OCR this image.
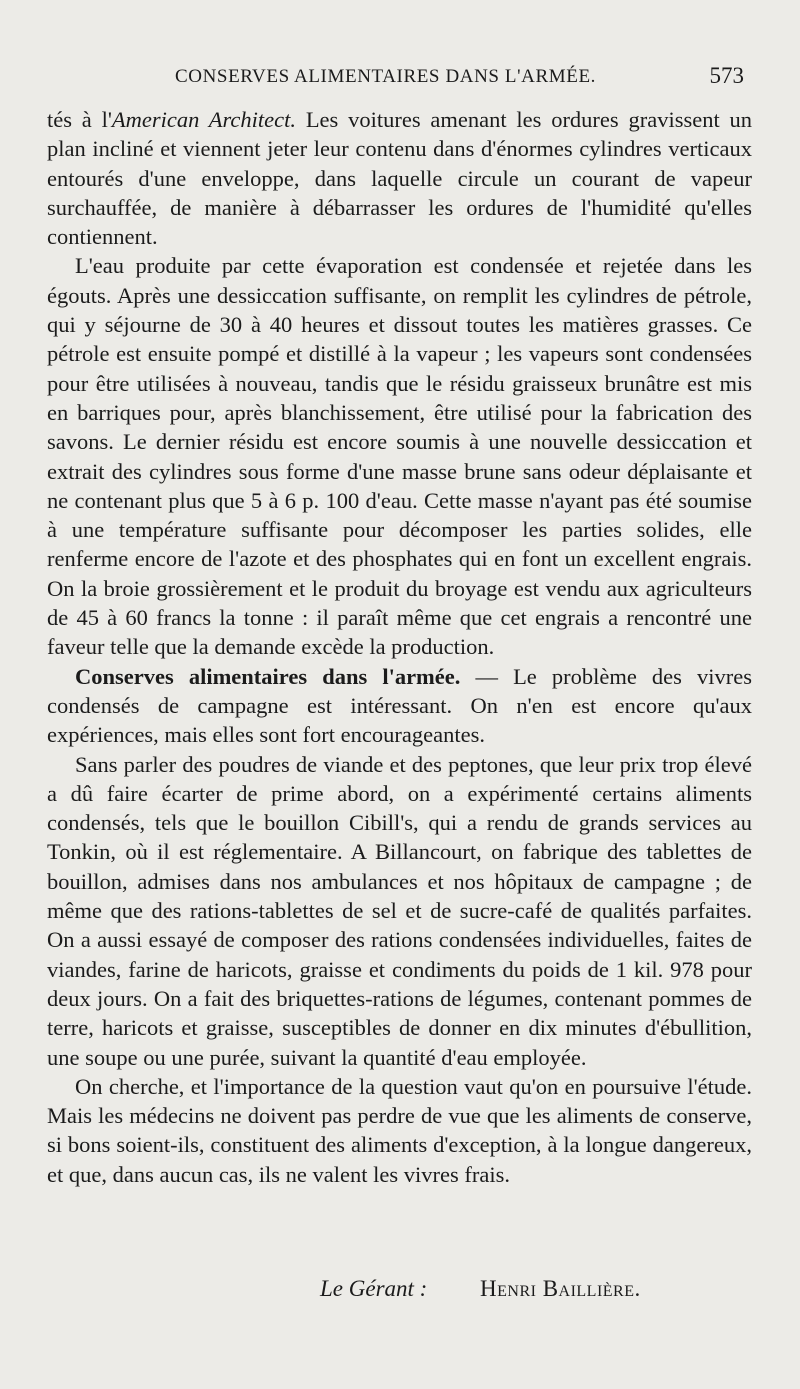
CONSERVES ALIMENTAIRES DANS L'ARMÉE.	573

tés à l'American Architect. Les voitures amenant les ordures gravissent un plan incliné et viennent jeter leur contenu dans d'énormes cylindres verticaux entourés d'une enveloppe, dans laquelle circule un courant de vapeur surchauffée, de manière à débarrasser les ordures de l'humidité qu'elles contiennent.

L'eau produite par cette évaporation est condensée et rejetée dans les égouts. Après une dessiccation suffisante, on remplit les cylindres de pétrole, qui y séjourne de 30 à 40 heures et dissout toutes les matières grasses. Ce pétrole est ensuite pompé et distillé à la vapeur ; les vapeurs sont condensées pour être utilisées à nouveau, tandis que le résidu graisseux brunâtre est mis en barriques pour, après blanchissement, être utilisé pour la fabrication des savons. Le dernier résidu est encore soumis à une nouvelle dessiccation et extrait des cylindres sous forme d'une masse brune sans odeur déplaisante et ne contenant plus que 5 à 6 p. 100 d'eau. Cette masse n'ayant pas été soumise à une température suffisante pour décomposer les parties solides, elle renferme encore de l'azote et des phosphates qui en font un excellent engrais. On la broie grossièrement et le produit du broyage est vendu aux agriculteurs de 45 à 60 francs la tonne : il paraît même que cet engrais a rencontré une faveur telle que la demande excède la production.

Conserves alimentaires dans l'armée. — Le problème des vivres condensés de campagne est intéressant. On n'en est encore qu'aux expériences, mais elles sont fort encourageantes.

Sans parler des poudres de viande et des peptones, que leur prix trop élevé a dû faire écarter de prime abord, on a expérimenté certains aliments condensés, tels que le bouillon Cibill's, qui a rendu de grands services au Tonkin, où il est réglementaire. A Billancourt, on fabrique des tablettes de bouillon, admises dans nos ambulances et nos hôpitaux de campagne ; de même que des rations-tablettes de sel et de sucre-café de qualités parfaites. On a aussi essayé de composer des rations condensées individuelles, faites de viandes, farine de haricots, graisse et condiments du poids de 1 kil. 978 pour deux jours. On a fait des briquettes-rations de légumes, contenant pommes de terre, haricots et graisse, susceptibles de donner en dix minutes d'ébullition, une soupe ou une purée, suivant la quantité d'eau employée.

On cherche, et l'importance de la question vaut qu'on en poursuive l'étude. Mais les médecins ne doivent pas perdre de vue que les aliments de conserve, si bons soient-ils, constituent des aliments d'exception, à la longue dangereux, et que, dans aucun cas, ils ne valent les vivres frais.

Le Gérant : Henri Baillière.
